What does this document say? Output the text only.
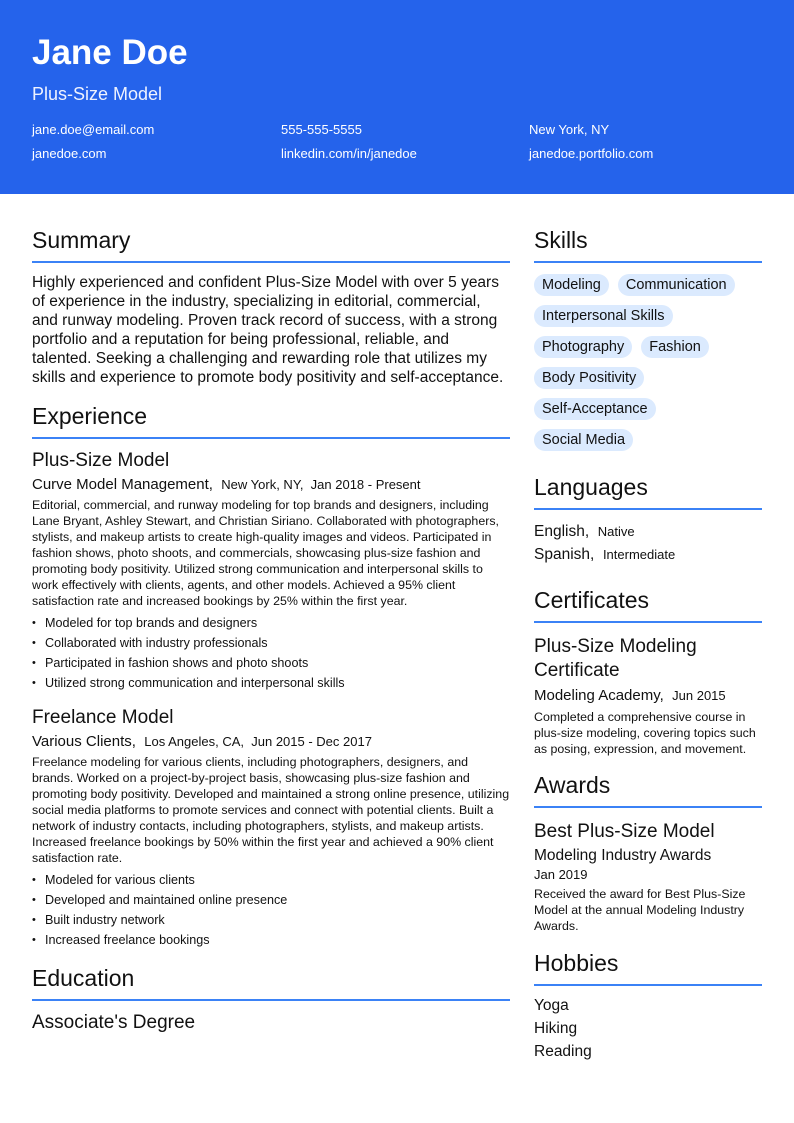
Jane Doe
Plus-Size Model
jane.doe@email.com	555-555-5555	New York, NY
janedoe.com	linkedin.com/in/janedoe	janedoe.portfolio.com
Summary
Highly experienced and confident Plus-Size Model with over 5 years of experience in the industry, specializing in editorial, commercial, and runway modeling. Proven track record of success, with a strong portfolio and a reputation for being professional, reliable, and talented. Seeking a challenging and rewarding role that utilizes my skills and experience to promote body positivity and self-acceptance.
Experience
Plus-Size Model
Curve Model Management,  New York, NY,  Jan 2018 - Present
Editorial, commercial, and runway modeling for top brands and designers, including Lane Bryant, Ashley Stewart, and Christian Siriano. Collaborated with photographers, stylists, and makeup artists to create high-quality images and videos. Participated in fashion shows, photo shoots, and commercials, showcasing plus-size fashion and promoting body positivity. Utilized strong communication and interpersonal skills to work effectively with clients, agents, and other models. Achieved a 95% client satisfaction rate and increased bookings by 25% within the first year.
• Modeled for top brands and designers
• Collaborated with industry professionals
• Participated in fashion shows and photo shoots
• Utilized strong communication and interpersonal skills
Freelance Model
Various Clients,  Los Angeles, CA,  Jun 2015 - Dec 2017
Freelance modeling for various clients, including photographers, designers, and brands. Worked on a project-by-project basis, showcasing plus-size fashion and promoting body positivity. Developed and maintained a strong online presence, utilizing social media platforms to promote services and connect with potential clients. Built a network of industry contacts, including photographers, stylists, and makeup artists. Increased freelance bookings by 50% within the first year and achieved a 90% client satisfaction rate.
• Modeled for various clients
• Developed and maintained online presence
• Built industry network
• Increased freelance bookings
Education
Associate's Degree
Skills
Modeling	Communication
Interpersonal Skills
Photography	Fashion
Body Positivity
Self-Acceptance
Social Media
Languages
English,  Native
Spanish,  Intermediate
Certificates
Plus-Size Modeling Certificate
Modeling Academy,  Jun 2015
Completed a comprehensive course in plus-size modeling, covering topics such as posing, expression, and movement.
Awards
Best Plus-Size Model
Modeling Industry Awards
Jan 2019
Received the award for Best Plus-Size Model at the annual Modeling Industry Awards.
Hobbies
Yoga
Hiking
Reading
